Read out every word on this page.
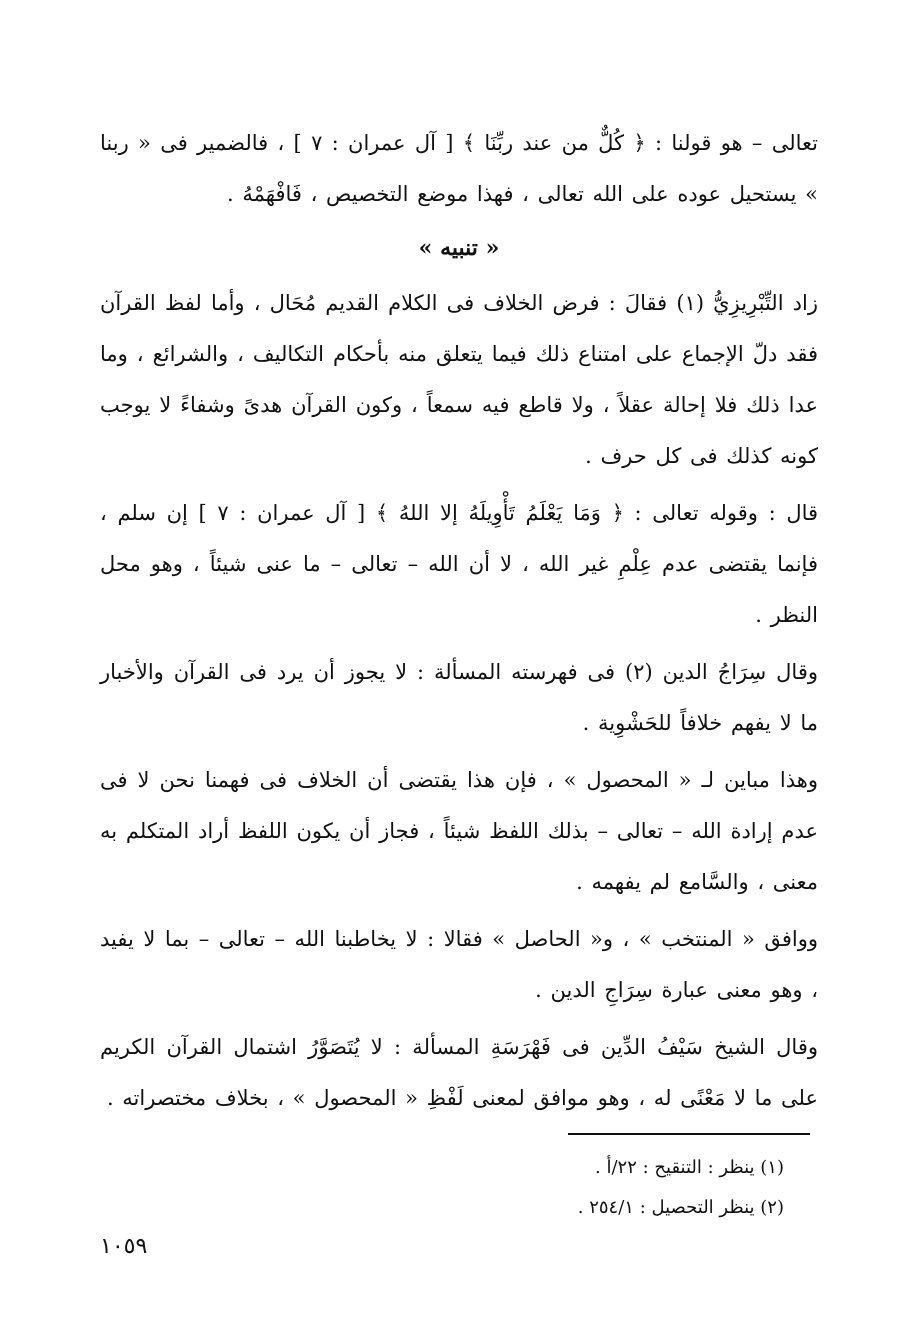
تعالى – هو قولنا : ﴿ كُلٌّ من عند ربِّنَا ﴾ [ آل عمران : ٧ ] ، فالضمير فى « ربنا » يستحيل عوده على الله تعالى ، فهذا موضع التخصيص ، فَافْهَمْهُ .

« تنبيه »

زاد التِّبْرِيزِيُّ (١) فقالَ : فرض الخلاف فى الكلام القديم مُحَال ، وأما لفظ القرآن فقد دلّ الإجماع على امتناع ذلك فيما يتعلق منه بأحكام التكاليف ، والشرائع ، وما عدا ذلك فلا إحالة عقلاً ، ولا قاطع فيه سمعاً ، وكون القرآن هدىً وشفاءً لا يوجب كونه كذلك فى كل حرف .

قال : وقوله تعالى : ﴿ وَمَا يَعْلَمُ تَأْوِيلَهُ إلا اللهُ ﴾ [ آل عمران : ٧ ] إن سلم ، فإنما يقتضى عدم عِلْمِ غير الله ، لا أن الله – تعالى – ما عنى شيئاً ، وهو محل النظر .

وقال سِرَاجُ الدين (٢) فى فهرسته المسألة : لا يجوز أن يرد فى القرآن والأخبار ما لا يفهم خلافاً للحَشْوِية .

وهذا مباين لـ « المحصول » ، فإن هذا يقتضى أن الخلاف فى فهمنا نحن لا فى عدم إرادة الله – تعالى – بذلك اللفظ شيئاً ، فجاز أن يكون اللفظ أراد المتكلم به معنى ، والسَّامع لم يفهمه .

ووافق « المنتخب » ، و« الحاصل » فقالا : لا يخاطبنا الله – تعالى – بما لا يفيد ، وهو معنى عبارة سِرَاجِ الدين .

وقال الشيخ سَيْفُ الدِّين فى فَهْرَسَةِ المسألة : لا يُتَصَوَّرُ اشتمال القرآن الكريم على ما لا مَعْنًى له ، وهو موافق لمعنى لَفْظِ « المحصول » ، بخلاف مختصراته .

(١) ينظر : التنقيح : ٢٢/أ .
(٢) ينظر التحصيل : ٢٥٤/١ .
١٠٥٩
